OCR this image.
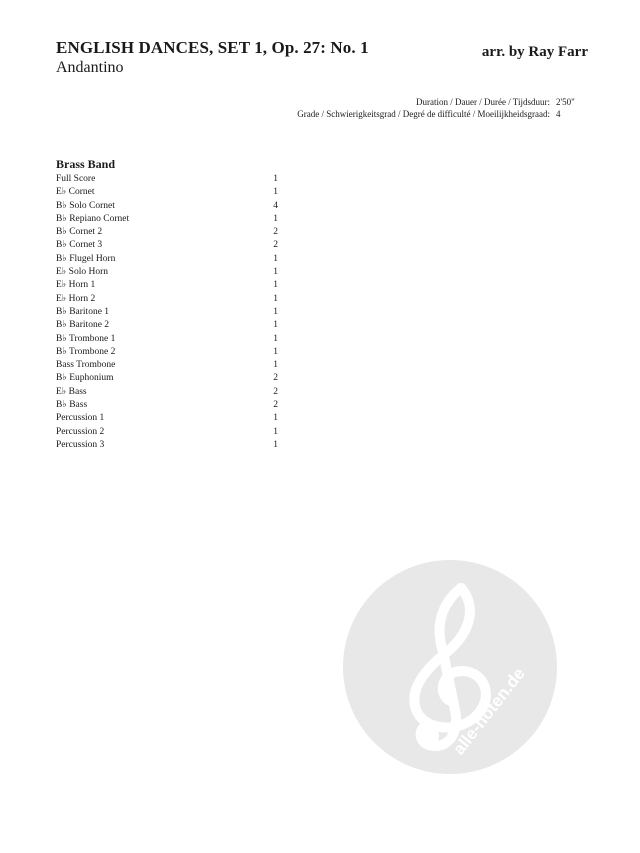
ENGLISH DANCES, SET 1, Op. 27: No. 1
Andantino
arr. by Ray Farr
Duration / Dauer / Durée / Tijdsduur: 2'50"
Grade / Schwierigkeitsgrad / Degré de difficulté / Moeilijkheidsgraad: 4
Brass Band
Full Score	1
E♭ Cornet	1
B♭ Solo Cornet	4
B♭ Repiano Cornet	1
B♭ Cornet 2	2
B♭ Cornet 3	2
B♭ Flugel Horn	1
E♭ Solo Horn	1
E♭ Horn 1	1
E♭ Horn 2	1
B♭ Baritone 1	1
B♭ Baritone 2	1
B♭ Trombone 1	1
B♭ Trombone 2	1
Bass Trombone	1
B♭ Euphonium	2
E♭ Bass	2
B♭ Bass	2
Percussion 1	1
Percussion 2	1
Percussion 3	1
alle-noten.de
